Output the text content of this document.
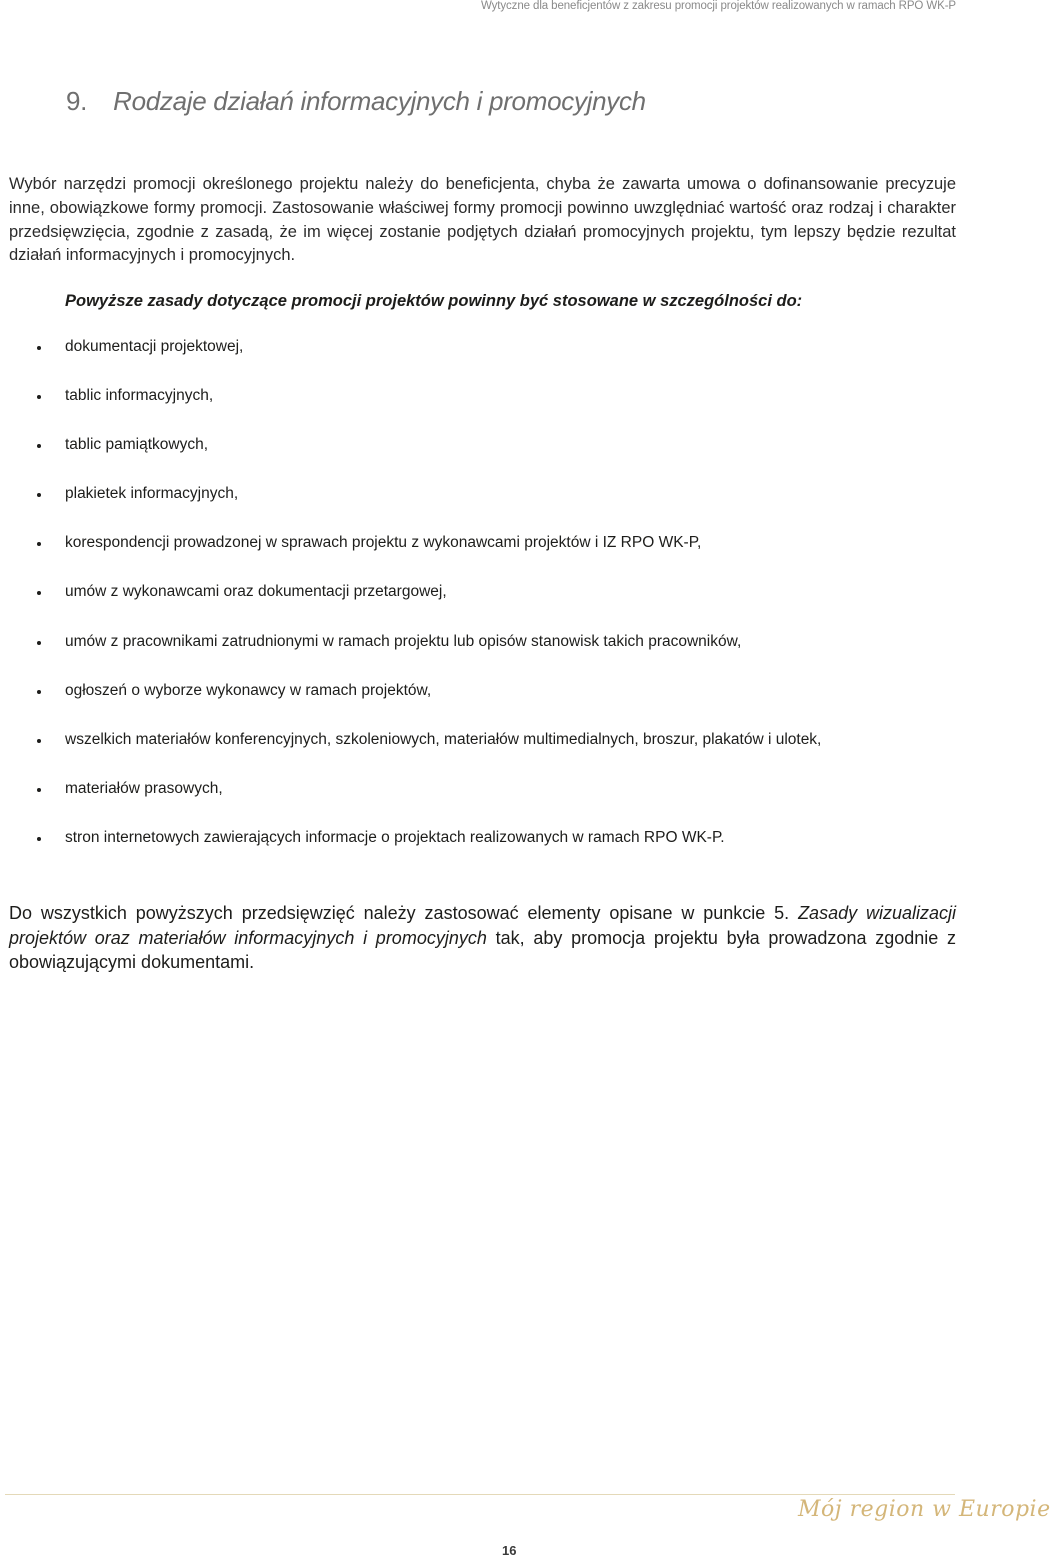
Wytyczne dla beneficjentów z zakresu promocji projektów realizowanych w ramach RPO WK-P
9. Rodzaje działań informacyjnych i promocyjnych

Wybór narzędzi promocji określonego projektu należy do beneficjenta, chyba że zawarta umowa o dofinansowanie precyzuje inne, obowiązkowe formy promocji. Zastosowanie właściwej formy promocji powinno uwzględniać wartość oraz rodzaj i charakter przedsięwzięcia, zgodnie z zasadą, że im więcej zostanie podjętych działań promocyjnych projektu, tym lepszy będzie rezultat działań informacyjnych i promocyjnych.

Powyższe zasady dotyczące promocji projektów powinny być stosowane w szczególności do:

dokumentacji projektowej,
tablic informacyjnych,
tablic pamiątkowych,
plakietek informacyjnych,
korespondencji prowadzonej w sprawach projektu z wykonawcami projektów i IZ RPO WK-P,
umów z wykonawcami oraz dokumentacji przetargowej,
umów z pracownikami zatrudnionymi w ramach projektu lub opisów stanowisk takich pracowników,
ogłoszeń o wyborze wykonawcy w ramach projektów,
wszelkich materiałów konferencyjnych, szkoleniowych, materiałów multimedialnych, broszur, plakatów i ulotek,
materiałów prasowych,
stron internetowych zawierających informacje o projektach realizowanych w ramach RPO WK-P.

Do wszystkich powyższych przedsięwzięć należy zastosować elementy opisane w punkcie 5. Zasady wizualizacji projektów oraz materiałów informacyjnych i promocyjnych tak, aby promocja projektu była prowadzona zgodnie z obowiązującymi dokumentami.

Mój region w Europie
16
